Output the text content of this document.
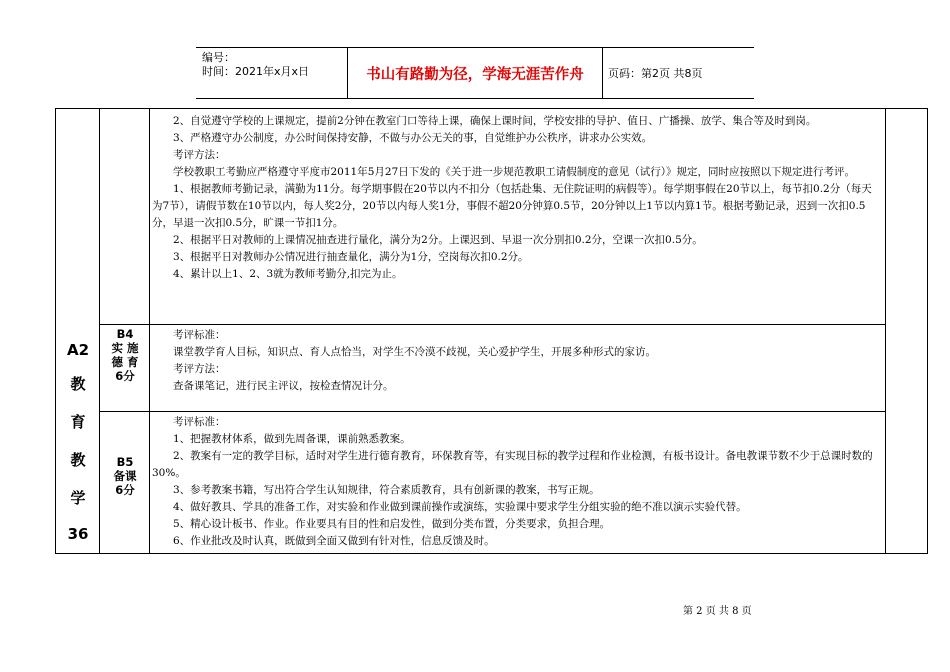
编号：
时间：2021年x月x日	书山有路勤为径，学海无涯苦作舟	页码：第2页 共8页

2、自觉遵守学校的上课规定，提前2分钟在教室门口等待上课，确保上课时间，学校安排的导护、值日、广播操、放学、集合等及时到岗。

3、严格遵守办公制度，办公时间保持安静，不做与办公无关的事，自觉维护办公秩序，讲求办公实效。

考评方法：

学校教职工考勤应严格遵守平度市2011年5月27日下发的《关于进一步规范教职工请假制度的意见（试行）》规定，同时应按照以下规定进行考评。

1、根据教师考勤记录，满勤为11分。每学期事假在20节以内不扣分（包括赴集、无住院证明的病假等）。每学期事假在20节以上，每节扣0.2分（每天为7节），请假节数在10节以内，每人奖2分，20节以内每人奖1分，事假不超20分钟算0.5节，20分钟以上1节以内算1节。根据考勤记录，迟到一次扣0.5分，早退一次扣0.5分，旷课一节扣1分。

2、根据平日对教师的上课情况抽查进行量化，满分为2分。上课迟到、早退一次分别扣0.2分，空课一次扣0.5分。

3、根据平日对教师办公情况进行抽查量化，满分为1分，空岗每次扣0.2分。

4、累计以上1、2、3就为教师考勤分,扣完为止。

A2
教
育
教
学
36
B4
实 施
德 育
6分

考评标准：

课堂教学育人目标，知识点、育人点恰当，对学生不冷漠不歧视，关心爱护学生，开展多种形式的家访。

考评方法：

查备课笔记，进行民主评议，按检查情况计分。

B5
备课
6分

考评标准：

1、把握教材体系，做到先周备课，课前熟悉教案。

2、教案有一定的教学目标，适时对学生进行德育教育，环保教育等，有实现目标的教学过程和作业检测，有板书设计。备电教课节数不少于总课时数的30%。

3、参考教案书籍，写出符合学生认知规律，符合素质教育，具有创新课的教案，书写正规。

4、做好教具、学具的准备工作，对实验和作业做到课前操作或演练，实验课中要求学生分组实验的绝不准以演示实验代替。

5、精心设计板书、作业。作业要具有目的性和启发性，做到分类布置，分类要求，负担合理。

6、作业批改及时认真，既做到全面又做到有针对性，信息反馈及时。

第 2 页 共 8 页
